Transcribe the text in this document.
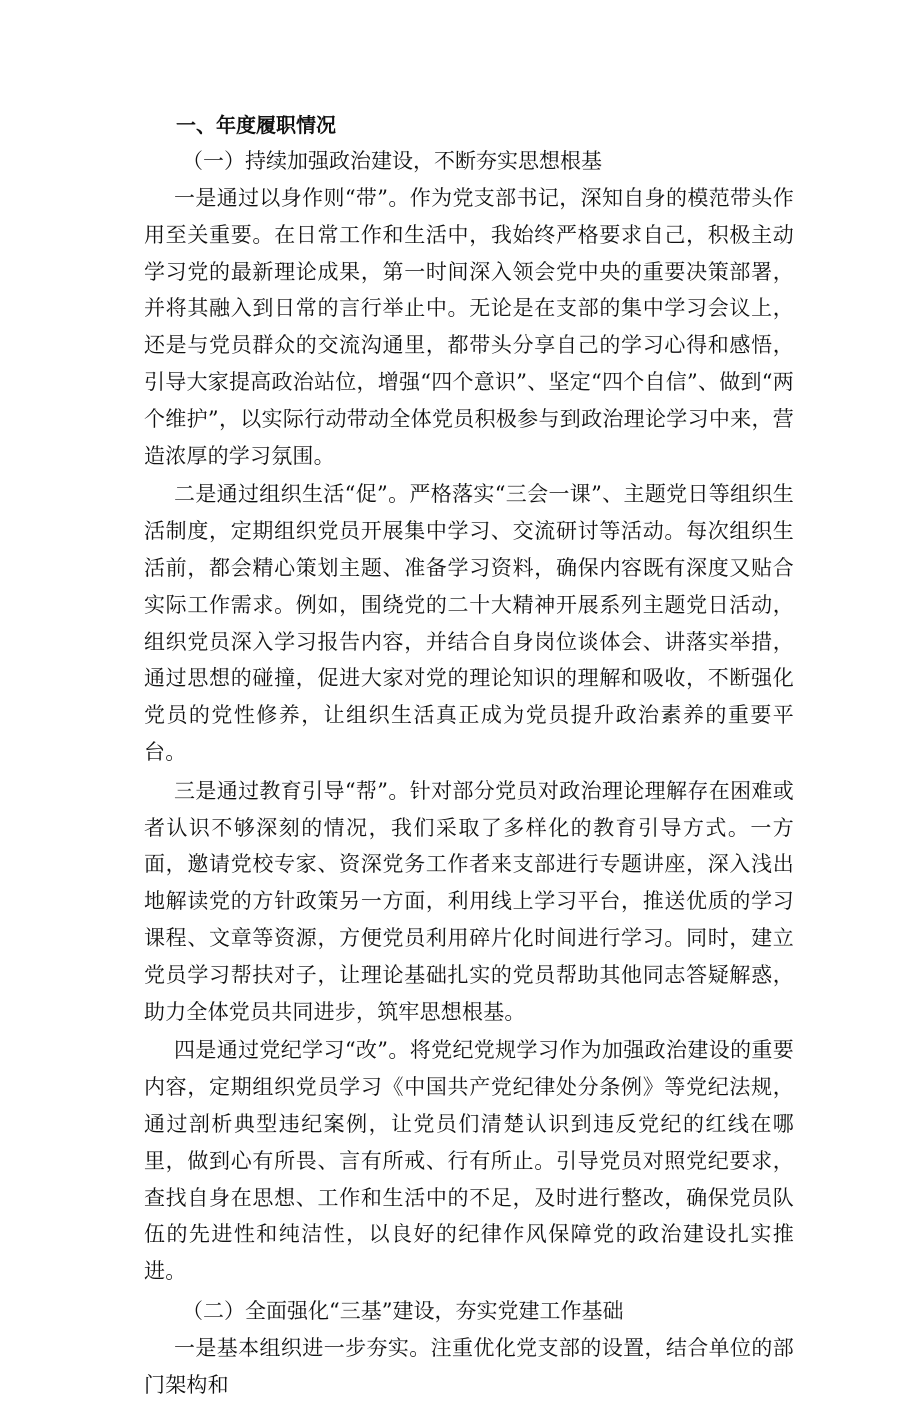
一、年度履职情况

（一）持续加强政治建设，不断夯实思想根基

一是通过以身作则“带”。作为党支部书记，深知自身的模范带头作用至关重要。在日常工作和生活中，我始终严格要求自己，积极主动学习党的最新理论成果，第一时间深入领会党中央的重要决策部署，并将其融入到日常的言行举止中。无论是在支部的集中学习会议上，还是与党员群众的交流沟通里，都带头分享自己的学习心得和感悟，引导大家提高政治站位，增强“四个意识”、坚定“四个自信”、做到“两个维护”，以实际行动带动全体党员积极参与到政治理论学习中来，营造浓厚的学习氛围。

二是通过组织生活“促”。严格落实“三会一课”、主题党日等组织生活制度，定期组织党员开展集中学习、交流研讨等活动。每次组织生活前，都会精心策划主题、准备学习资料，确保内容既有深度又贴合实际工作需求。例如，围绕党的二十大精神开展系列主题党日活动，组织党员深入学习报告内容，并结合自身岗位谈体会、讲落实举措，通过思想的碰撞，促进大家对党的理论知识的理解和吸收，不断强化党员的党性修养，让组织生活真正成为党员提升政治素养的重要平台。

三是通过教育引导“帮”。针对部分党员对政治理论理解存在困难或者认识不够深刻的情况，我们采取了多样化的教育引导方式。一方面，邀请党校专家、资深党务工作者来支部进行专题讲座，深入浅出地解读党的方针政策另一方面，利用线上学习平台，推送优质的学习课程、文章等资源，方便党员利用碎片化时间进行学习。同时，建立党员学习帮扶对子，让理论基础扎实的党员帮助其他同志答疑解惑，助力全体党员共同进步，筑牢思想根基。

四是通过党纪学习“改”。将党纪党规学习作为加强政治建设的重要内容，定期组织党员学习《中国共产党纪律处分条例》等党纪法规，通过剖析典型违纪案例，让党员们清楚认识到违反党纪的红线在哪里，做到心有所畏、言有所戒、行有所止。引导党员对照党纪要求，查找自身在思想、工作和生活中的不足，及时进行整改，确保党员队伍的先进性和纯洁性，以良好的纪律作风保障党的政治建设扎实推进。

（二）全面强化“三基”建设，夯实党建工作基础

一是基本组织进一步夯实。注重优化党支部的设置，结合单位的部门架构和
